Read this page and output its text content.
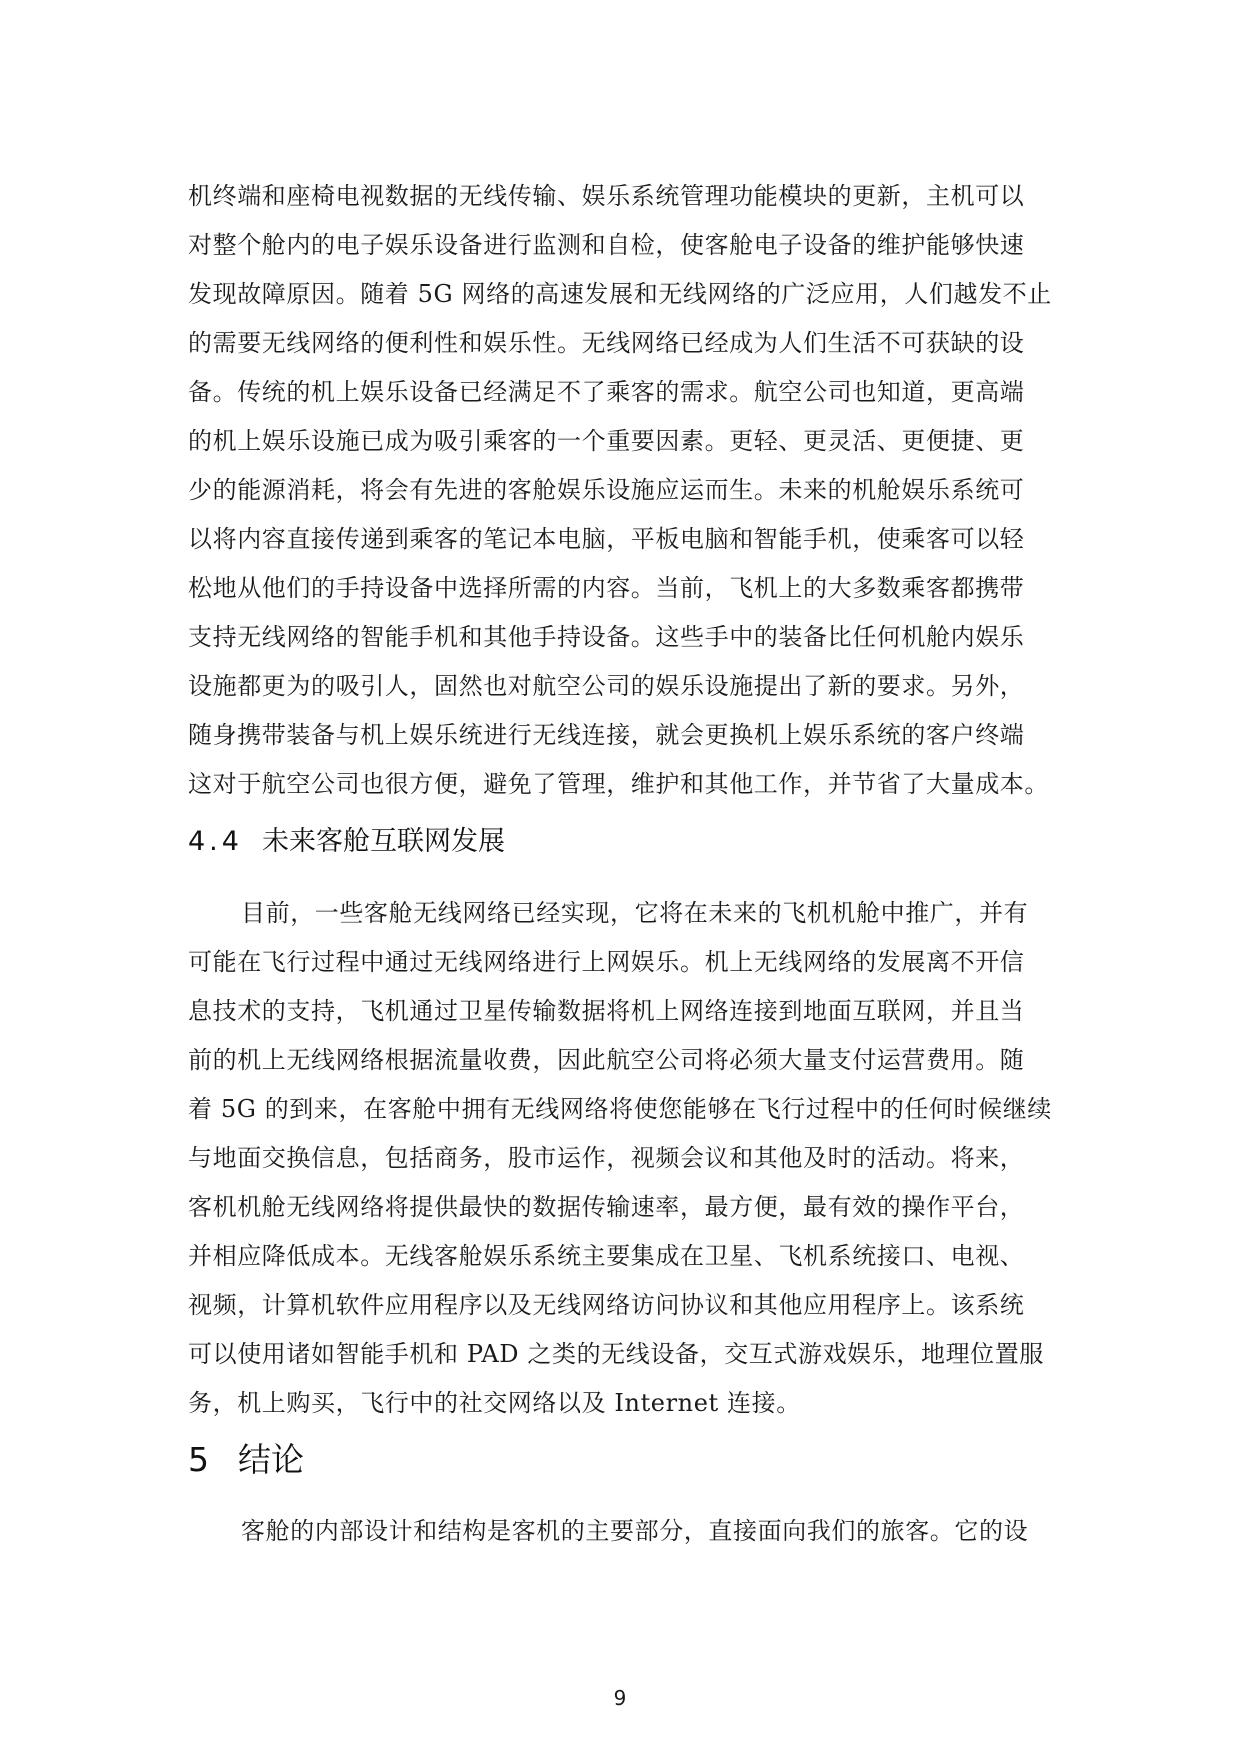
机终端和座椅电视数据的无线传输、娱乐系统管理功能模块的更新，主机可以
对整个舱内的电子娱乐设备进行监测和自检，使客舱电子设备的维护能够快速
发现故障原因。随着 5G 网络的高速发展和无线网络的广泛应用，人们越发不止
的需要无线网络的便利性和娱乐性。无线网络已经成为人们生活不可获缺的设
备。传统的机上娱乐设备已经满足不了乘客的需求。航空公司也知道，更高端
的机上娱乐设施已成为吸引乘客的一个重要因素。更轻、更灵活、更便捷、更
少的能源消耗，将会有先进的客舱娱乐设施应运而生。未来的机舱娱乐系统可
以将内容直接传递到乘客的笔记本电脑，平板电脑和智能手机，使乘客可以轻
松地从他们的手持设备中选择所需的内容。当前，飞机上的大多数乘客都携带
支持无线网络的智能手机和其他手持设备。这些手中的装备比任何机舱内娱乐
设施都更为的吸引人，固然也对航空公司的娱乐设施提出了新的要求。另外，
随身携带装备与机上娱乐统进行无线连接，就会更换机上娱乐系统的客户终端
这对于航空公司也很方便，避免了管理，维护和其他工作，并节省了大量成本。
4.4 未来客舱互联网发展
目前，一些客舱无线网络已经实现，它将在未来的飞机机舱中推广，并有
可能在飞行过程中通过无线网络进行上网娱乐。机上无线网络的发展离不开信
息技术的支持，飞机通过卫星传输数据将机上网络连接到地面互联网，并且当
前的机上无线网络根据流量收费，因此航空公司将必须大量支付运营费用。随
着 5G 的到来，在客舱中拥有无线网络将使您能够在飞行过程中的任何时候继续
与地面交换信息，包括商务，股市运作，视频会议和其他及时的活动。将来，
客机机舱无线网络将提供最快的数据传输速率，最方便，最有效的操作平台，
并相应降低成本。无线客舱娱乐系统主要集成在卫星、飞机系统接口、电视、
视频，计算机软件应用程序以及无线网络访问协议和其他应用程序上。该系统
可以使用诸如智能手机和 PAD 之类的无线设备，交互式游戏娱乐，地理位置服
务，机上购买，飞行中的社交网络以及 Internet 连接。
5 结论
客舱的内部设计和结构是客机的主要部分，直接面向我们的旅客。它的设
9
